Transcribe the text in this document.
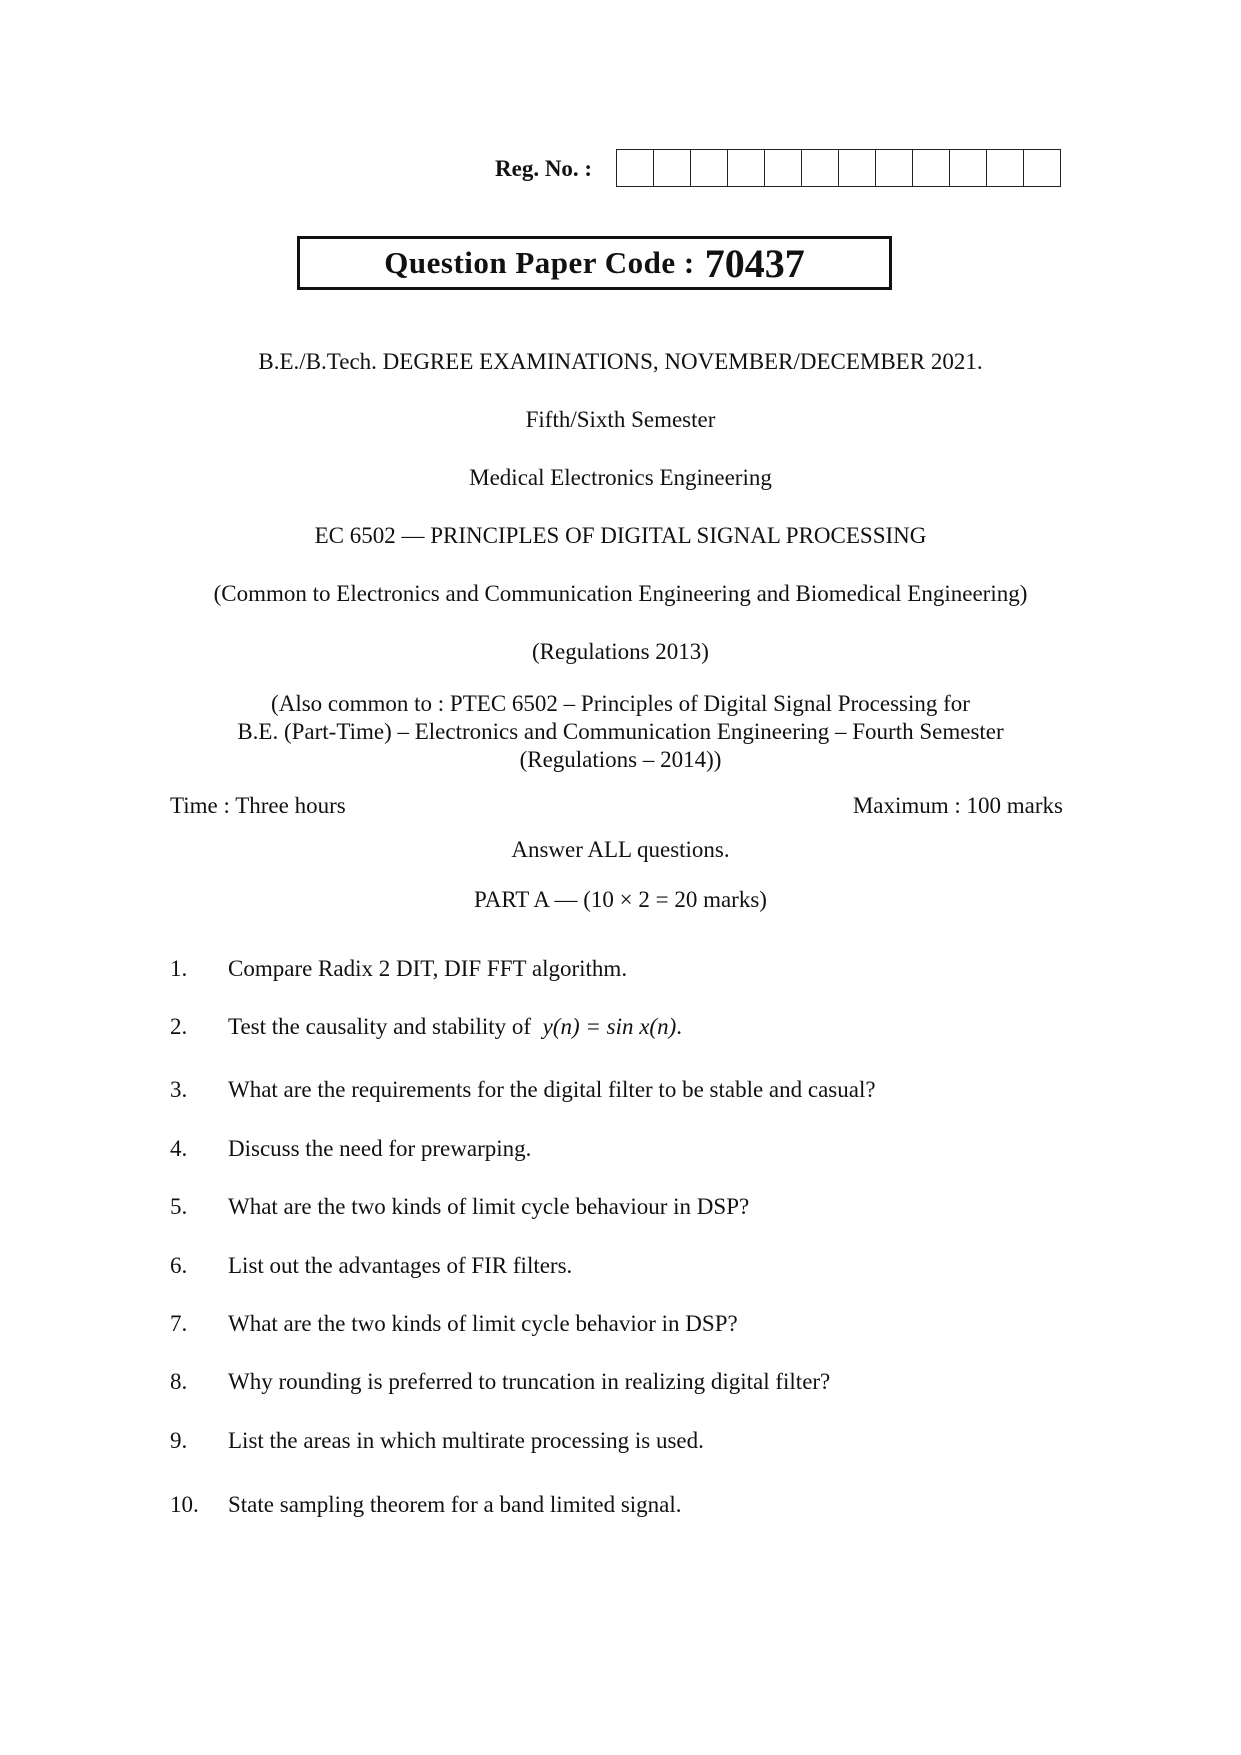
Reg. No. :
Question Paper Code : 70437
B.E./B.Tech. DEGREE EXAMINATIONS, NOVEMBER/DECEMBER 2021.
Fifth/Sixth Semester
Medical Electronics Engineering
EC 6502 — PRINCIPLES OF DIGITAL SIGNAL PROCESSING
(Common to Electronics and Communication Engineering and Biomedical Engineering)
(Regulations 2013)
(Also common to : PTEC 6502 – Principles of Digital Signal Processing for
B.E. (Part-Time) – Electronics and Communication Engineering – Fourth Semester
(Regulations – 2014))
Time : Three hours	Maximum : 100 marks
Answer ALL questions.
PART A — (10 × 2 = 20 marks)
1.	Compare Radix 2 DIT, DIF FFT algorithm.
2.	Test the causality and stability of y(n) = sin x(n).
3.	What are the requirements for the digital filter to be stable and casual?
4.	Discuss the need for prewarping.
5.	What are the two kinds of limit cycle behaviour in DSP?
6.	List out the advantages of FIR filters.
7.	What are the two kinds of limit cycle behavior in DSP?
8.	Why rounding is preferred to truncation in realizing digital filter?
9.	List the areas in which multirate processing is used.
10.	State sampling theorem for a band limited signal.
